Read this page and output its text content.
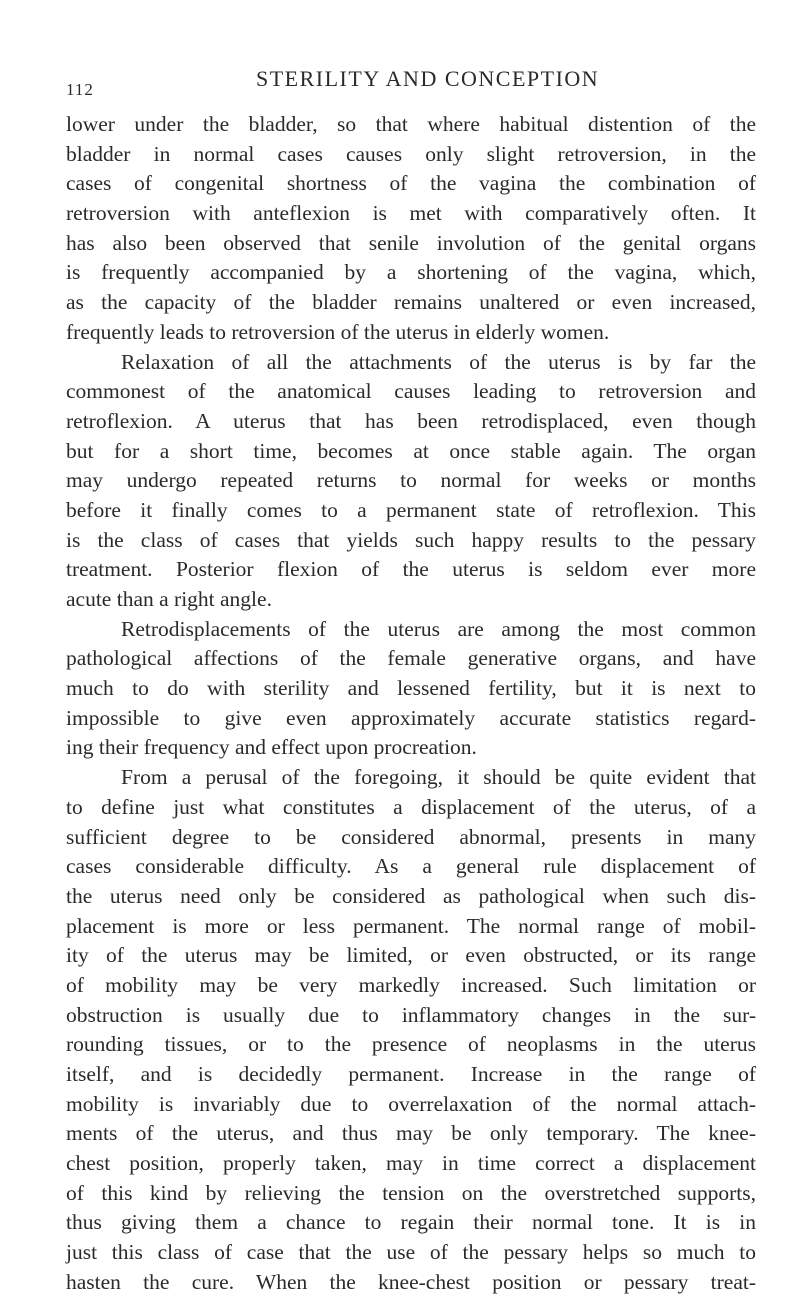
112	STERILITY AND CONCEPTION
lower under the bladder, so that where habitual distention of the
bladder in normal cases causes only slight retroversion, in the
cases of congenital shortness of the vagina the combination of
retroversion with anteflexion is met with comparatively often. It
has also been observed that senile involution of the genital organs
is frequently accompanied by a shortening of the vagina, which,
as the capacity of the bladder remains unaltered or even increased,
frequently leads to retroversion of the uterus in elderly women.
Relaxation of all the attachments of the uterus is by far the
commonest of the anatomical causes leading to retroversion and
retroflexion. A uterus that has been retrodisplaced, even though
but for a short time, becomes at once stable again. The organ
may undergo repeated returns to normal for weeks or months
before it finally comes to a permanent state of retroflexion. This
is the class of cases that yields such happy results to the pessary
treatment. Posterior flexion of the uterus is seldom ever more
acute than a right angle.
Retrodisplacements of the uterus are among the most common
pathological affections of the female generative organs, and have
much to do with sterility and lessened fertility, but it is next to
impossible to give even approximately accurate statistics regard-
ing their frequency and effect upon procreation.
From a perusal of the foregoing, it should be quite evident that
to define just what constitutes a displacement of the uterus, of a
sufficient degree to be considered abnormal, presents in many
cases considerable difficulty. As a general rule displacement of
the uterus need only be considered as pathological when such dis-
placement is more or less permanent. The normal range of mobil-
ity of the uterus may be limited, or even obstructed, or its range
of mobility may be very markedly increased. Such limitation or
obstruction is usually due to inflammatory changes in the sur-
rounding tissues, or to the presence of neoplasms in the uterus
itself, and is decidedly permanent. Increase in the range of
mobility is invariably due to overrelaxation of the normal attach-
ments of the uterus, and thus may be only temporary. The knee-
chest position, properly taken, may in time correct a displacement
of this kind by relieving the tension on the overstretched supports,
thus giving them a chance to regain their normal tone. It is in
just this class of case that the use of the pessary helps so much to
hasten the cure. When the knee-chest position or pessary treat-
